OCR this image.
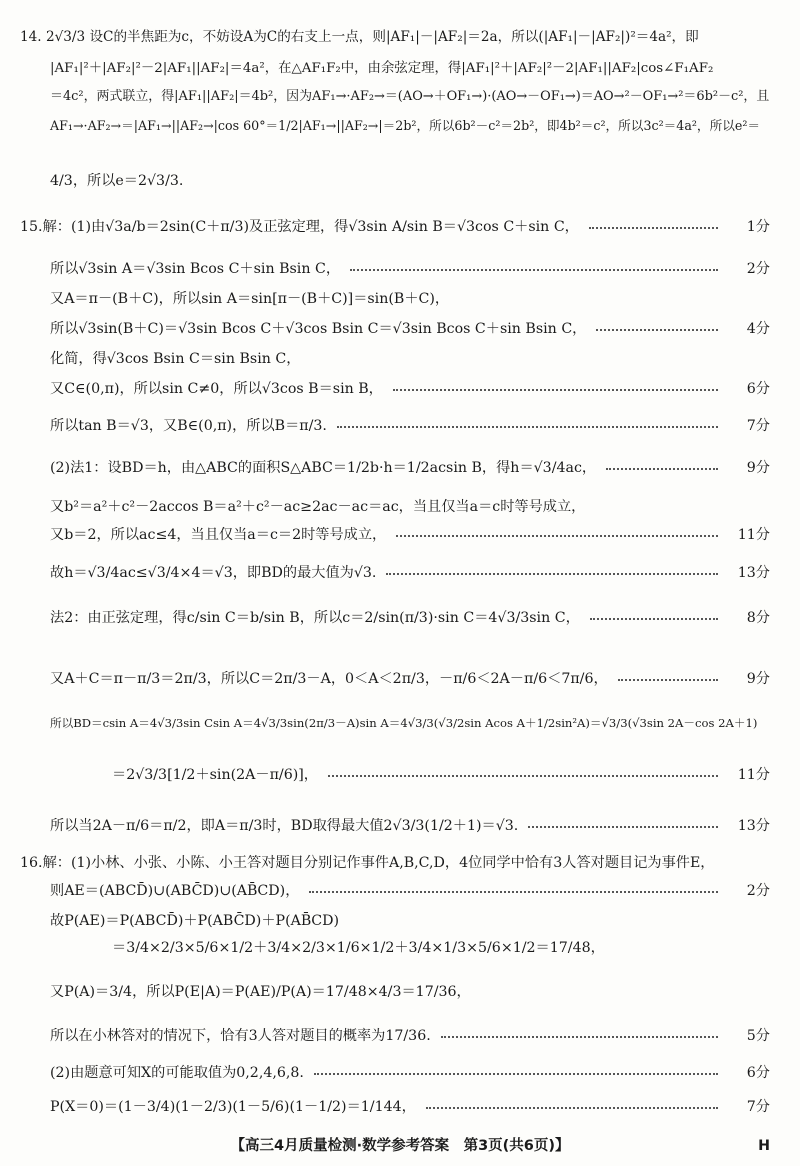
14. 2√3/3 设C的半焦距为c，不妨设A为C的右支上一点，则|AF₁|－|AF₂|＝2a，所以(|AF₁|－|AF₂|)²＝4a²，即
|AF₁|²＋|AF₂|²－2|AF₁||AF₂|＝4a²，在△AF₁F₂中，由余弦定理，得|AF₁|²＋|AF₂|²－2|AF₁||AF₂|cos∠F₁AF₂
＝4c²，两式联立，得|AF₁||AF₂|＝4b²，因为AF₁→·AF₂→＝(AO→＋OF₁→)·(AO→－OF₁→)＝AO→²－OF₁→²＝6b²－c²，且
AF₁→·AF₂→＝|AF₁→||AF₂→|cos 60°＝1/2|AF₁→||AF₂→|＝2b²，所以6b²－c²＝2b²，即4b²＝c²，所以3c²＝4a²，所以e²＝
4/3，所以e＝2√3/3.
15.解：(1)由√3a/b＝2sin(C＋π/3)及正弦定理，得√3sin A/sin B＝√3cos C＋sin C，	1分
所以√3sin A＝√3sin Bcos C＋sin Bsin C，	2分
又A＝π－(B＋C)，所以sin A＝sin[π－(B＋C)]＝sin(B＋C)，
所以√3sin(B＋C)＝√3sin Bcos C＋√3cos Bsin C＝√3sin Bcos C＋sin Bsin C，	4分
化简，得√3cos Bsin C＝sin Bsin C，
又C∈(0,π)，所以sin C≠0，所以√3cos B＝sin B，	6分
所以tan B＝√3，又B∈(0,π)，所以B＝π/3.	7分
(2)法1：设BD＝h，由△ABC的面积S△ABC＝1/2b·h＝1/2acsin B，得h＝√3/4ac，	9分
又b²＝a²＋c²－2accos B＝a²＋c²－ac≥2ac－ac＝ac，当且仅当a＝c时等号成立，
又b＝2，所以ac≤4，当且仅当a＝c＝2时等号成立，	11分
故h＝√3/4ac≤√3/4×4＝√3，即BD的最大值为√3.	13分
法2：由正弦定理，得c/sin C＝b/sin B，所以c＝2/sin(π/3)·sin C＝4√3/3sin C，	8分
又A＋C＝π－π/3＝2π/3，所以C＝2π/3－A，0＜A＜2π/3，－π/6＜2A－π/6＜7π/6，	9分
所以BD＝csin A＝4√3/3sin Csin A＝4√3/3sin(2π/3－A)sin A＝4√3/3(√3/2sin Acos A＋1/2sin²A)＝√3/3(√3sin 2A－cos 2A＋1)
＝2√3/3[1/2＋sin(2A－π/6)]，	11分
所以当2A－π/6＝π/2，即A＝π/3时，BD取得最大值2√3/3(1/2＋1)＝√3.	13分
16.解：(1)小林、小张、小陈、小王答对题目分别记作事件A,B,C,D，4位同学中恰有3人答对题目记为事件E，
则AE＝(ABCD̄)∪(ABC̄D)∪(AB̄CD)，	2分
故P(AE)＝P(ABCD̄)＋P(ABC̄D)＋P(AB̄CD)
＝3/4×2/3×5/6×1/2＋3/4×2/3×1/6×1/2＋3/4×1/3×5/6×1/2＝17/48，
又P(A)＝3/4，所以P(E|A)＝P(AE)/P(A)＝17/48×4/3＝17/36，
所以在小林答对的情况下，恰有3人答对题目的概率为17/36.	5分
(2)由题意可知X的可能取值为0,2,4,6,8.	6分
P(X＝0)＝(1－3/4)(1－2/3)(1－5/6)(1－1/2)＝1/144，	7分
【高三4月质量检测·数学参考答案　第3页(共6页)】	H
